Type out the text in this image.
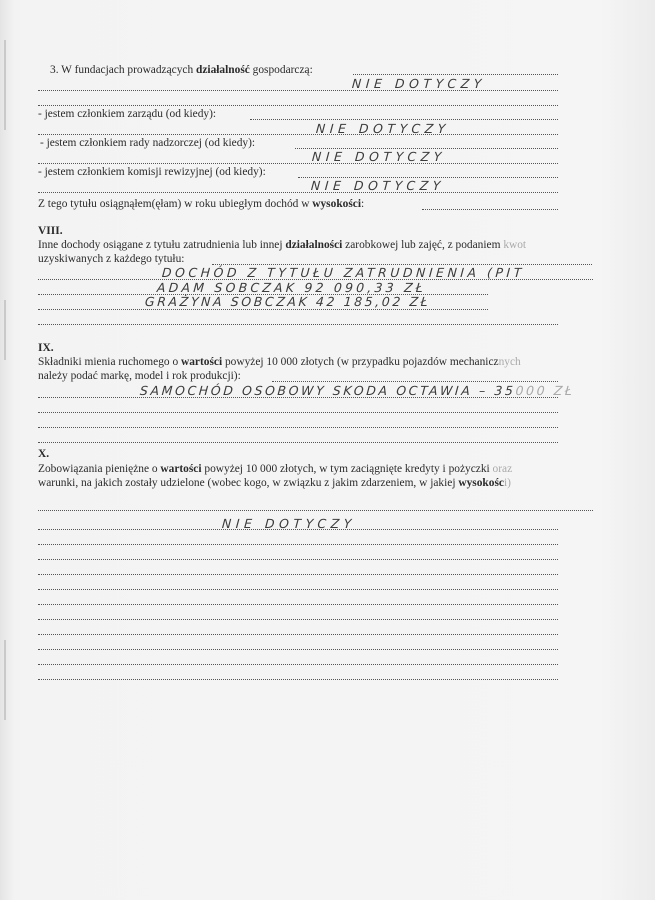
3. W fundacjach prowadzących działalność gospodarczą:
NIE DOTYCZY
- jestem członkiem zarządu (od kiedy):
NIE DOTYCZY
- jestem członkiem rady nadzorczej (od kiedy):
NIE DOTYCZY
- jestem członkiem komisji rewizyjnej (od kiedy):
NIE DOTYCZY
Z tego tytułu osiągnąłem(ęłam) w roku ubiegłym dochód w wysokości:
VIII.
Inne dochody osiągane z tytułu zatrudnienia lub innej działalności zarobkowej lub zajęć, z podaniem kwot
uzyskiwanych z każdego tytułu:
DOCHÓD Z TYTUŁU ZATRUDNIENIA (PIT
ADAM SOBCZAK 92 090,33 ZŁ
GRAŻYNA SOBCZAK 42 185,02 ZŁ
IX.
Składniki mienia ruchomego o wartości powyżej 10 000 złotych (w przypadku pojazdów mechanicznych
należy podać markę, model i rok produkcji):
SAMOCHÓD OSOBOWY SKODA OCTAWIA – 35000 ZŁ
X.
Zobowiązania pieniężne o wartości powyżej 10 000 złotych, w tym zaciągnięte kredyty i pożyczki oraz
warunki, na jakich zostały udzielone (wobec kogo, w związku z jakim zdarzeniem, w jakiej wysokości)
NIE DOTYCZY
